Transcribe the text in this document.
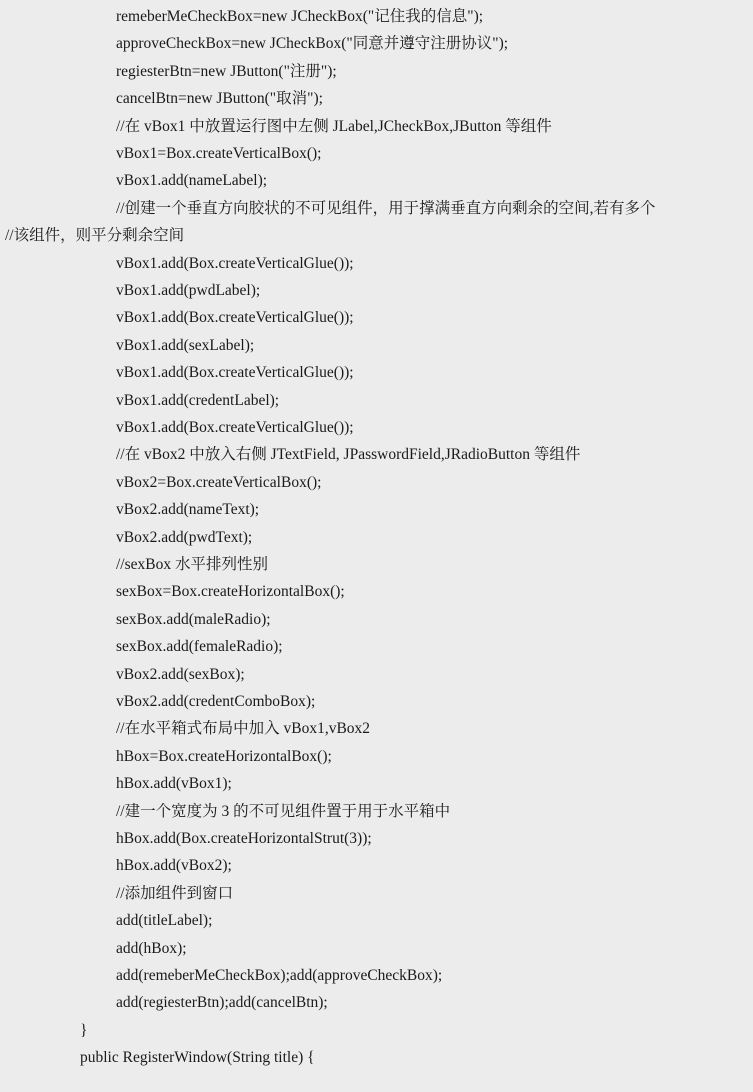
remeberMeCheckBox=new JCheckBox("记住我的信息");
approveCheckBox=new JCheckBox("同意并遵守注册协议");
regiesterBtn=new JButton("注册");
cancelBtn=new JButton("取消");
//在 vBox1 中放置运行图中左侧 JLabel,JCheckBox,JButton 等组件
vBox1=Box.createVerticalBox();
vBox1.add(nameLabel);
//创建一个垂直方向胶状的不可见组件，用于撑满垂直方向剩余的空间,若有多个
//该组件，则平分剩余空间
vBox1.add(Box.createVerticalGlue());
vBox1.add(pwdLabel);
vBox1.add(Box.createVerticalGlue());
vBox1.add(sexLabel);
vBox1.add(Box.createVerticalGlue());
vBox1.add(credentLabel);
vBox1.add(Box.createVerticalGlue());
//在 vBox2 中放入右侧 JTextField, JPasswordField,JRadioButton 等组件
vBox2=Box.createVerticalBox();
vBox2.add(nameText);
vBox2.add(pwdText);
//sexBox 水平排列性别
sexBox=Box.createHorizontalBox();
sexBox.add(maleRadio);
sexBox.add(femaleRadio);
vBox2.add(sexBox);
vBox2.add(credentComboBox);
//在水平箱式布局中加入 vBox1,vBox2
hBox=Box.createHorizontalBox();
hBox.add(vBox1);
//建一个宽度为 3 的不可见组件置于用于水平箱中
hBox.add(Box.createHorizontalStrut(3));
hBox.add(vBox2);
//添加组件到窗口
add(titleLabel);
add(hBox);
add(remeberMeCheckBox);add(approveCheckBox);
add(regiesterBtn);add(cancelBtn);
}
public RegisterWindow(String title) {
